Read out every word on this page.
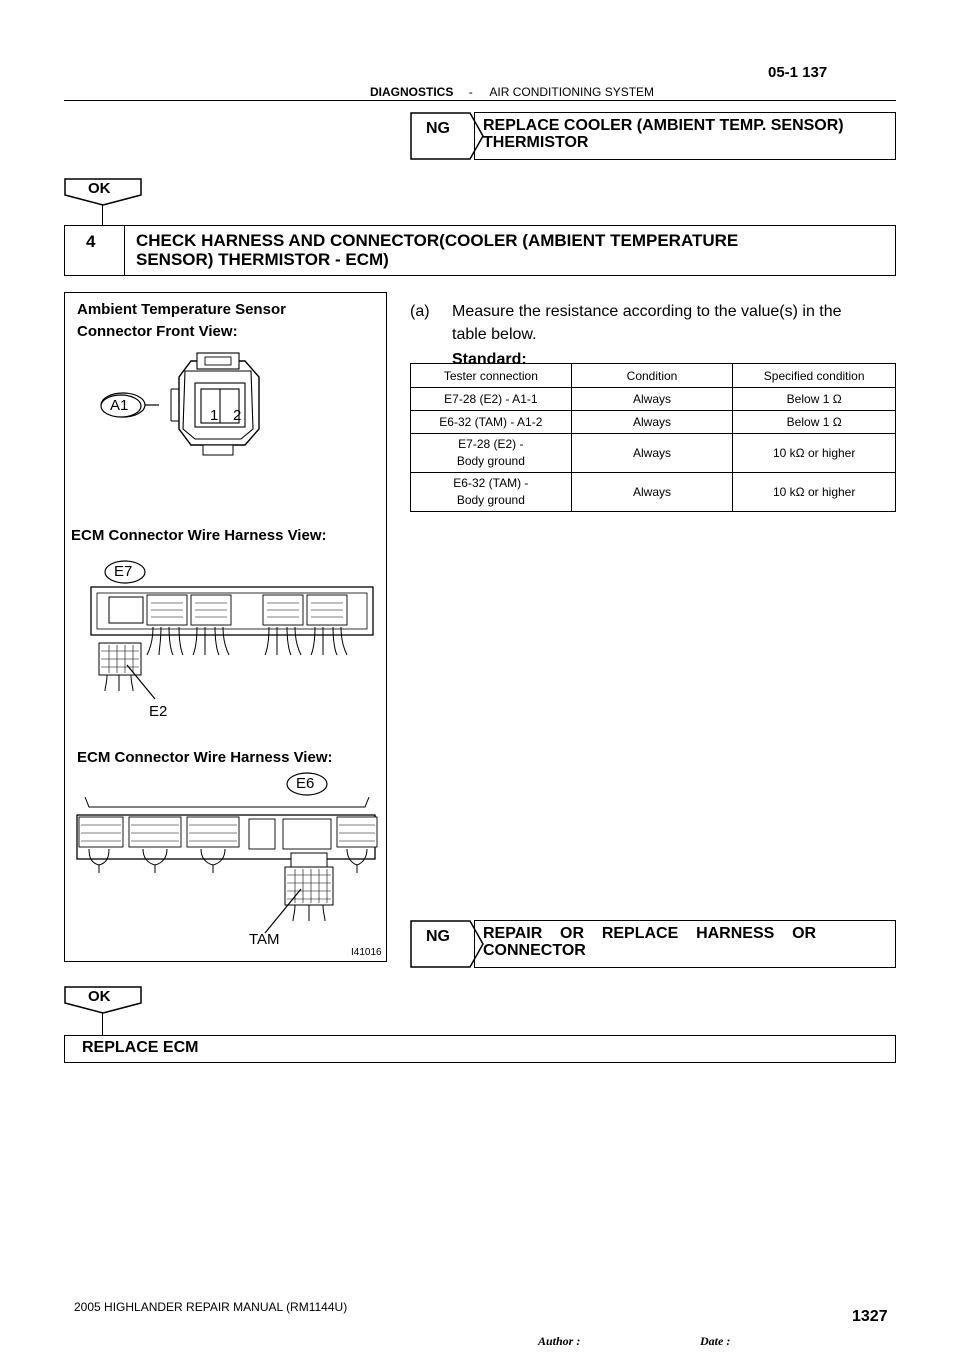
05-1 137
DIAGNOSTICS - AIR CONDITIONING SYSTEM
NG REPLACE COOLER (AMBIENT TEMP. SENSOR)
THERMISTOR
OK
4 CHECK HARNESS AND CONNECTOR(COOLER (AMBIENT TEMPERATURE
SENSOR) THERMISTOR - ECM)
Ambient Temperature Sensor
Connector Front View:
A1
1 2
ECM Connector Wire Harness View:
E7
E2
ECM Connector Wire Harness View:
E6
TAM
I41016
(a)	Measure the resistance according to the value(s) in the
table below.
Standard:
Tester connection	Condition	Specified condition
E7-28 (E2) - A1-1	Always	Below 1 Ω
E6-32 (TAM) - A1-2	Always	Below 1 Ω

E7-28 (E2) -
Body ground	Always	10 kΩ or higher

E6-32 (TAM) -
Body ground	Always	10 kΩ or higher
NG REPAIR    OR    REPLACE    HARNESS    OR
CONNECTOR
OK
REPLACE ECM
2005 HIGHLANDER REPAIR MANUAL (RM1144U)
1327
Author :	Date :
